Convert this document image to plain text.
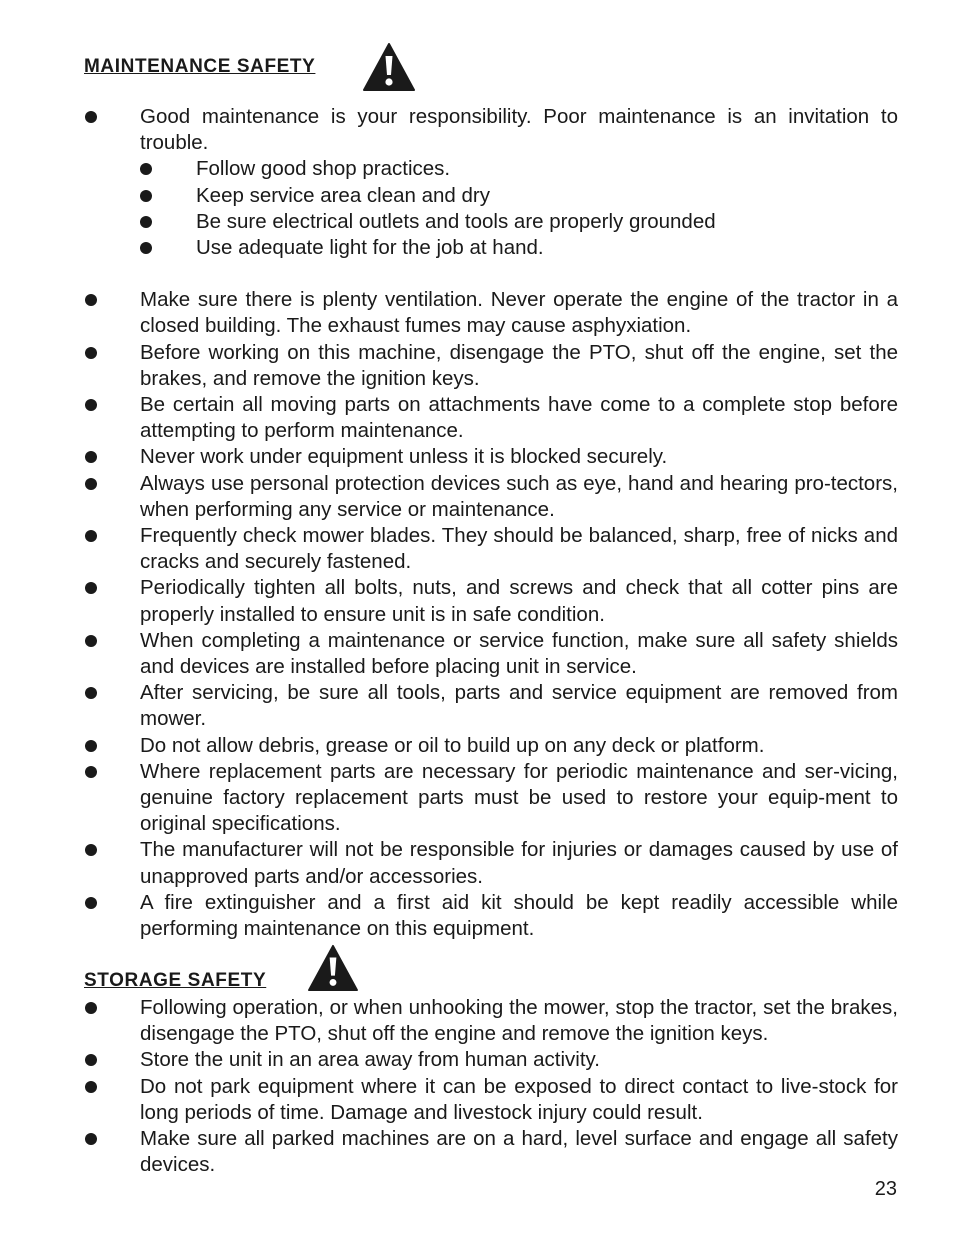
MAINTENANCE SAFETY
Good maintenance is your responsibility. Poor maintenance is an invitation to trouble.
Follow good shop practices.
Keep service area clean and dry
Be sure electrical outlets and tools are properly grounded
Use adequate light for the job at hand.
Make sure there is plenty ventilation. Never operate the engine of the tractor in a closed building. The exhaust fumes may cause asphyxiation.
Before working on this machine, disengage the PTO, shut off the engine, set the brakes, and remove the ignition keys.
Be certain all moving parts on attachments have come to a complete stop before attempting to perform maintenance.
Never work under equipment unless it is blocked securely.
Always use personal protection devices such as eye, hand and hearing pro-tectors, when performing any service or maintenance.
Frequently check mower blades. They should be balanced, sharp, free of nicks and cracks and securely fastened.
Periodically tighten all bolts, nuts, and screws and check that all cotter pins are properly installed to ensure unit is in safe condition.
When completing a maintenance or service function, make sure all safety shields and devices are installed before placing unit in service.
After servicing, be sure all tools, parts and service equipment are removed from mower.
Do not allow debris, grease or oil to build up on any deck or platform.
Where replacement parts are necessary for periodic maintenance and ser-vicing, genuine factory replacement parts must be used to restore your equip-ment to original specifications.
The manufacturer will not be responsible for injuries or damages caused by use of unapproved parts and/or accessories.
A fire extinguisher and a first aid kit should be kept readily accessible while performing maintenance on this equipment.
STORAGE SAFETY
Following operation, or when unhooking the mower, stop the tractor, set the brakes, disengage the PTO, shut off the engine and remove the ignition keys.
Store the unit in an area away from human activity.
Do not park equipment where it can be exposed to direct contact to live-stock for long periods of time. Damage and livestock injury could result.
Make sure all parked machines are on a hard, level surface and engage all safety devices.
23
